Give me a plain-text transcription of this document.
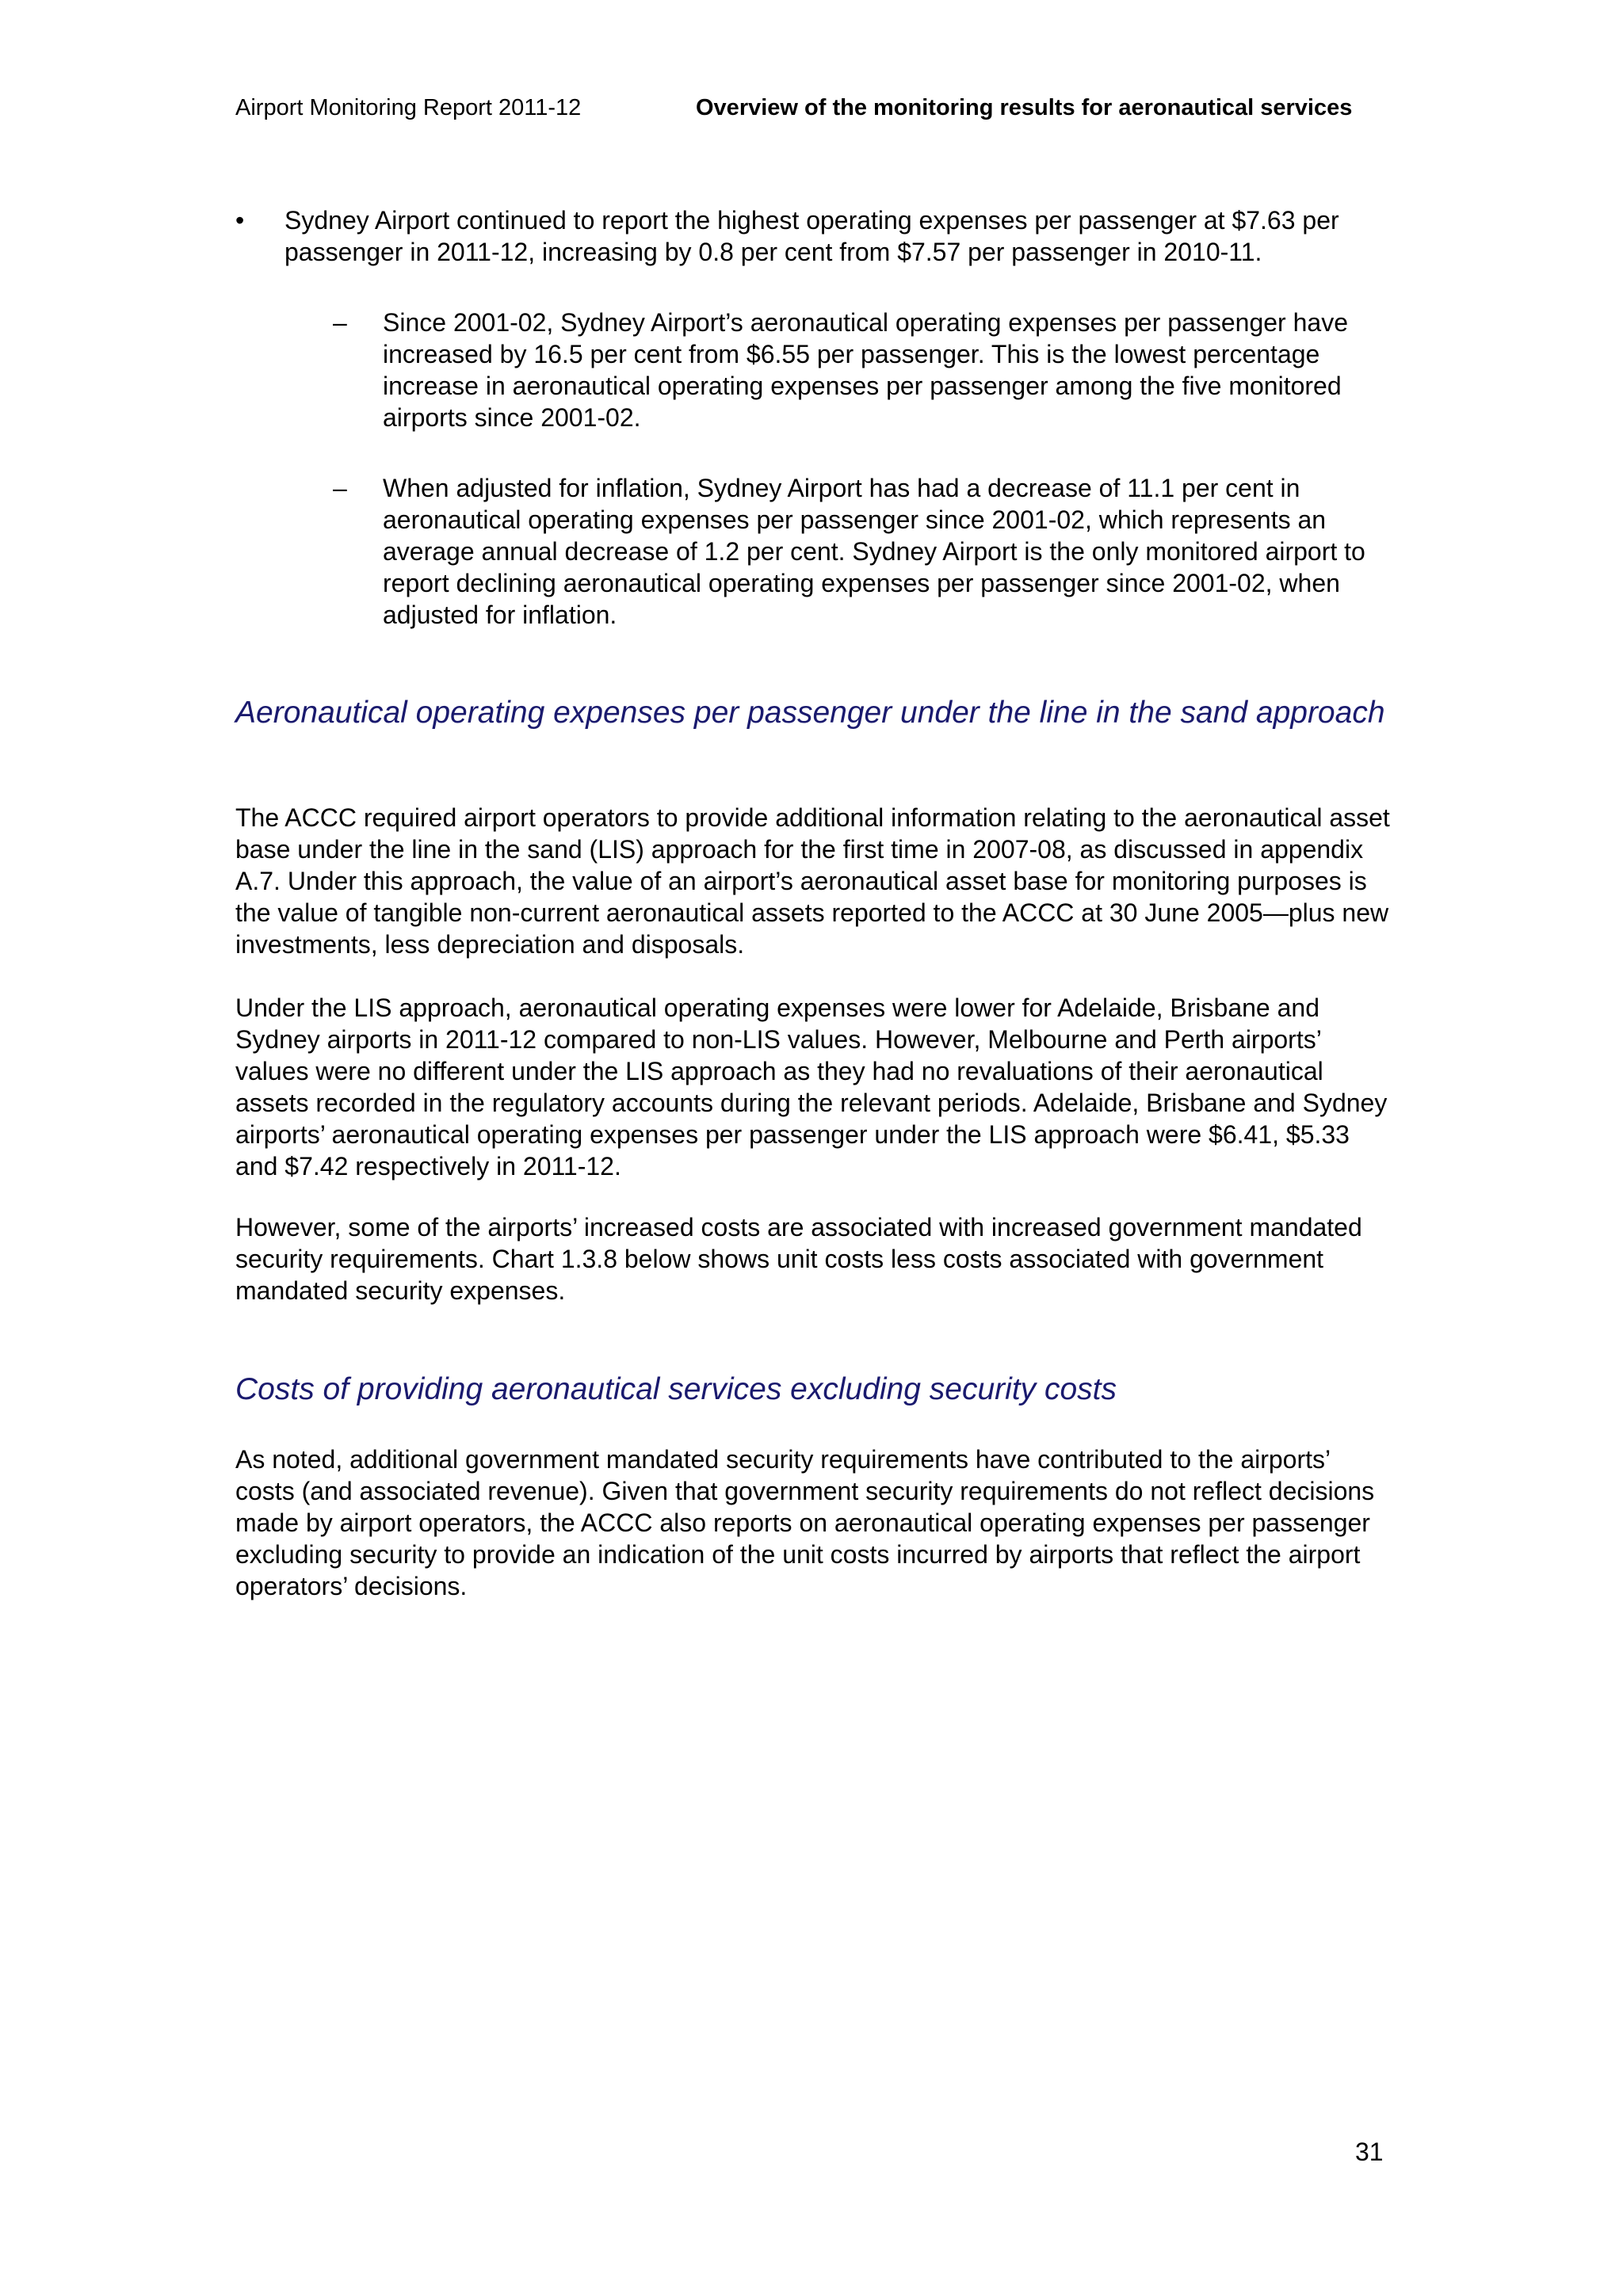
Airport Monitoring Report 2011-12	Overview of the monitoring results for aeronautical services
• Sydney Airport continued to report the highest operating expenses per passenger at $7.63 per passenger in 2011-12, increasing by 0.8 per cent from $7.57 per passenger in 2010-11.
– Since 2001-02, Sydney Airport’s aeronautical operating expenses per passenger have increased by 16.5 per cent from $6.55 per passenger. This is the lowest percentage increase in aeronautical operating expenses per passenger among the five monitored airports since 2001-02.
– When adjusted for inflation, Sydney Airport has had a decrease of 11.1 per cent in aeronautical operating expenses per passenger since 2001-02, which represents an average annual decrease of 1.2 per cent. Sydney Airport is the only monitored airport to report declining aeronautical operating expenses per passenger since 2001-02, when adjusted for inflation.
Aeronautical operating expenses per passenger under the line in the sand approach

The ACCC required airport operators to provide additional information relating to the aeronautical asset base under the line in the sand (LIS) approach for the first time in 2007-08, as discussed in appendix A.7. Under this approach, the value of an airport’s aeronautical asset base for monitoring purposes is the value of tangible non-current aeronautical assets reported to the ACCC at 30 June 2005—plus new investments, less depreciation and disposals.

Under the LIS approach, aeronautical operating expenses were lower for Adelaide, Brisbane and Sydney airports in 2011-12 compared to non-LIS values. However, Melbourne and Perth airports’ values were no different under the LIS approach as they had no revaluations of their aeronautical assets recorded in the regulatory accounts during the relevant periods. Adelaide, Brisbane and Sydney airports’ aeronautical operating expenses per passenger under the LIS approach were $6.41, $5.33 and $7.42 respectively in 2011-12.

However, some of the airports’ increased costs are associated with increased government mandated security requirements. Chart 1.3.8 below shows unit costs less costs associated with government mandated security expenses.

Costs of providing aeronautical services excluding security costs

As noted, additional government mandated security requirements have contributed to the airports’ costs (and associated revenue). Given that government security requirements do not reflect decisions made by airport operators, the ACCC also reports on aeronautical operating expenses per passenger excluding security to provide an indication of the unit costs incurred by airports that reflect the airport operators’ decisions.

31
